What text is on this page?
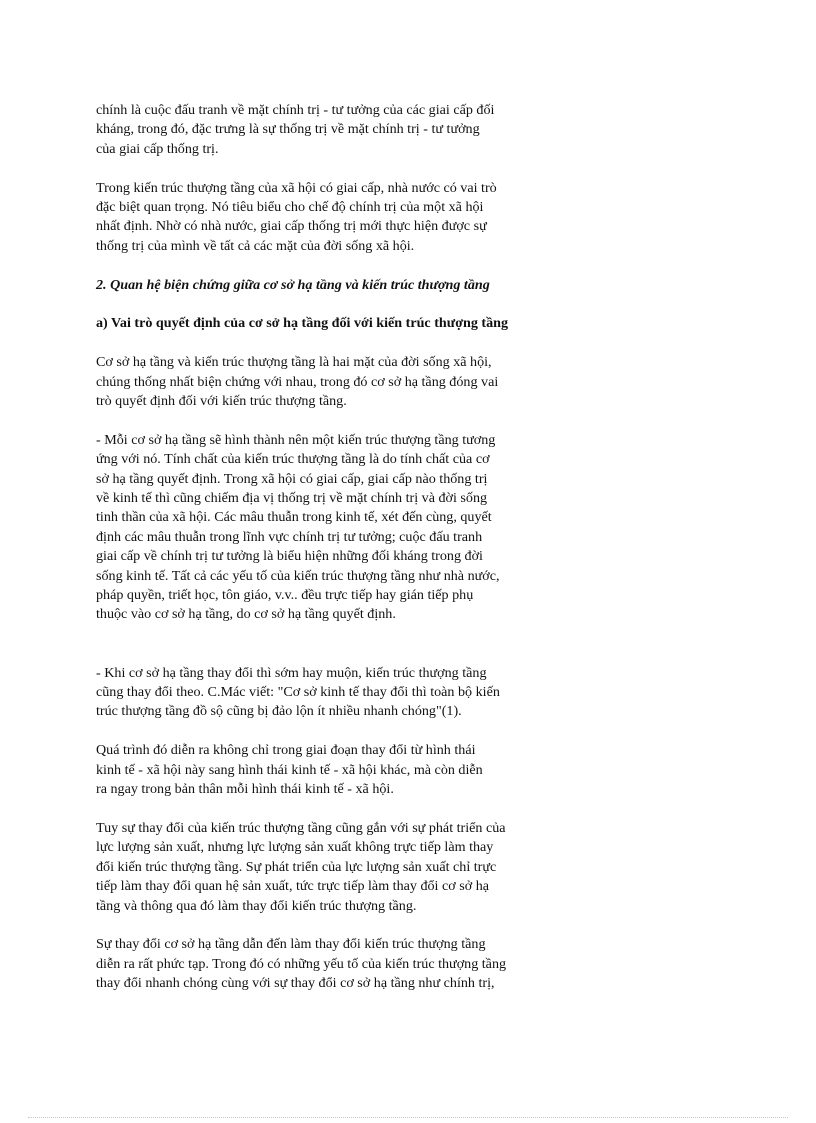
chính là cuộc đấu tranh về mặt chính trị - tư tưởng của các giai cấp đối
kháng, trong đó, đặc trưng là sự thống trị về mặt chính trị - tư tưởng
của giai cấp thống trị.
Trong kiến trúc thượng tầng của xã hội có giai cấp, nhà nước có vai trò
đặc biệt quan trọng. Nó tiêu biểu cho chế độ chính trị của một xã hội
nhất định. Nhờ có nhà nước, giai cấp thống trị mới thực hiện được sự
thống trị của mình về tất cả các mặt của đời sống xã hội.

2. Quan hệ biện chứng giữa cơ sở hạ tầng và kiến trúc thượng tầng

a) Vai trò quyết định của cơ sở hạ tầng đối với kiến trúc thượng tầng

Cơ sở hạ tầng và kiến trúc thượng tầng là hai mặt của đời sống xã hội,
chúng thống nhất biện chứng với nhau, trong đó cơ sở hạ tầng đóng vai
trò quyết định đối với kiến trúc thượng tầng.
- Mỗi cơ sở hạ tầng sẽ hình thành nên một kiến trúc thượng tầng tương
ứng với nó. Tính chất của kiến trúc thượng tầng là do tính chất của cơ
sở hạ tầng quyết định. Trong xã hội có giai cấp, giai cấp nào thống trị
về kinh tế thì cũng chiếm địa vị thống trị về mặt chính trị và đời sống
tinh thần của xã hội. Các mâu thuẫn trong kinh tế, xét đến cùng, quyết
định các mâu thuẫn trong lĩnh vực chính trị tư tưởng; cuộc đấu tranh
giai cấp về chính trị tư tưởng là biểu hiện những đối kháng trong đời
sống kinh tế. Tất cả các yếu tố của kiến trúc thượng tầng như nhà nước,
pháp quyền, triết học, tôn giáo, v.v.. đều trực tiếp hay gián tiếp phụ
thuộc vào cơ sở hạ tầng, do cơ sở hạ tầng quyết định.
- Khi cơ sở hạ tầng thay đổi thì sớm hay muộn, kiến trúc thượng tầng
cũng thay đổi theo. C.Mác viết: "Cơ sở kinh tế thay đổi thì toàn bộ kiến
trúc thượng tầng đồ sộ cũng bị đảo lộn ít nhiều nhanh chóng"(1).
Quá trình đó diễn ra không chỉ trong giai đoạn thay đổi từ hình thái
kinh tế - xã hội này sang hình thái kinh tế - xã hội khác, mà còn diễn
ra ngay trong bản thân mỗi hình thái kinh tế - xã hội.
Tuy sự thay đổi của kiến trúc thượng tầng cũng gắn với sự phát triển của
lực lượng sản xuất, nhưng lực lượng sản xuất không trực tiếp làm thay
đổi kiến trúc thượng tầng. Sự phát triển của lực lượng sản xuất chỉ trực
tiếp làm thay đổi quan hệ sản xuất, tức trực tiếp làm thay đổi cơ sở hạ
tầng và thông qua đó làm thay đổi kiến trúc thượng tầng.
Sự thay đổi cơ sở hạ tầng dẫn đến làm thay đổi kiến trúc thượng tầng
diễn ra rất phức tạp. Trong đó có những yếu tố của kiến trúc thượng tầng
thay đổi nhanh chóng cùng với sự thay đổi cơ sở hạ tầng như chính trị,
